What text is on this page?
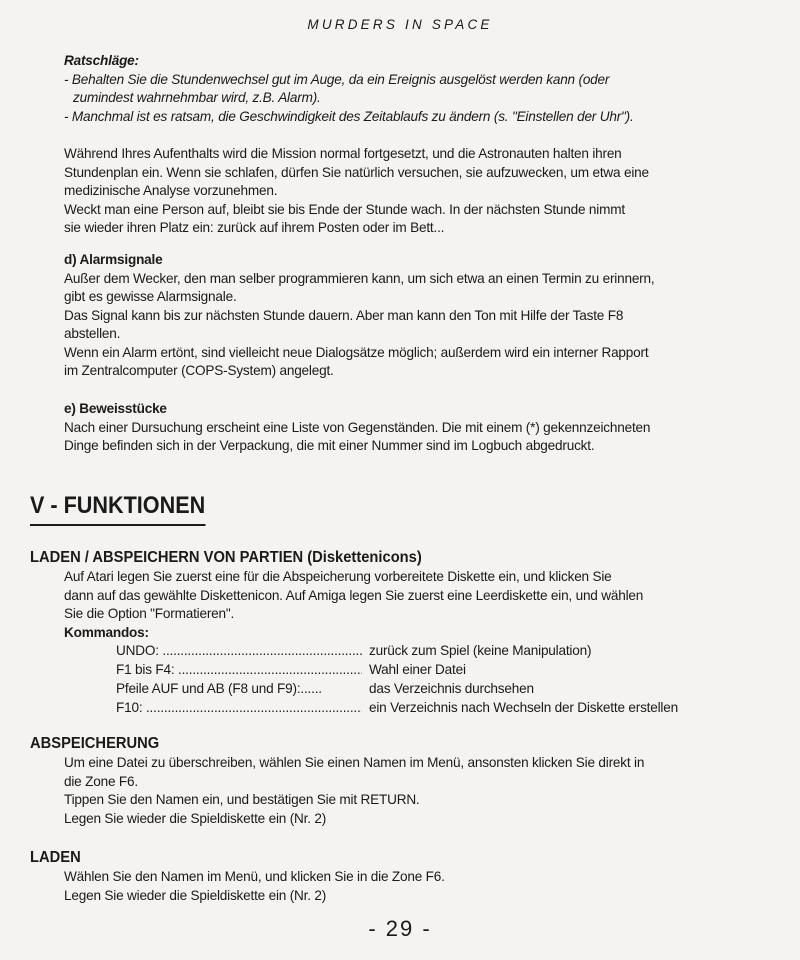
MURDERS IN SPACE

Ratschläge:

- Behalten Sie die Stundenwechsel gut im Auge, da ein Ereignis ausgelöst werden kann (oder

zumindest wahrnehmbar wird, z.B. Alarm).

- Manchmal ist es ratsam, die Geschwindigkeit des Zeitablaufs zu ändern (s. "Einstellen der Uhr").

Während Ihres Aufenthalts wird die Mission normal fortgesetzt, und die Astronauten halten ihren

Stundenplan ein. Wenn sie schlafen, dürfen Sie natürlich versuchen, sie aufzuwecken, um etwa eine

medizinische Analyse vorzunehmen.

Weckt man eine Person auf, bleibt sie bis Ende der Stunde wach. In der nächsten Stunde nimmt

sie wieder ihren Platz ein: zurück auf ihrem Posten oder im Bett...

d) Alarmsignale

Außer dem Wecker, den man selber programmieren kann, um sich etwa an einen Termin zu erinnern,

gibt es gewisse Alarmsignale.

Das Signal kann bis zur nächsten Stunde dauern. Aber man kann den Ton mit Hilfe der Taste F8

abstellen.

Wenn ein Alarm ertönt, sind vielleicht neue Dialogsätze möglich; außerdem wird ein interner Rapport

im Zentralcomputer (COPS-System) angelegt.

e) Beweisstücke

Nach einer Dursuchung erscheint eine Liste von Gegenständen. Die mit einem (*) gekennzeichneten

Dinge befinden sich in der Verpackung, die mit einer Nummer sind im Logbuch abgedruckt.

V - FUNKTIONEN
LADEN / ABSPEICHERN VON PARTIEN (Diskettenicons)

Auf Atari legen Sie zuerst eine für die Abspeicherung vorbereitete Diskette ein, und klicken Sie

dann auf das gewählte Diskettenicon. Auf Amiga legen Sie zuerst eine Leerdiskette ein, und wählen

Sie die Option "Formatieren".

Kommandos:

UNDO: .....	zurück zum Spiel (keine Manipulation)
F1 bis F4: .....	Wahl einer Datei
Pfeile AUF und AB (F8 und F9):......	das Verzeichnis durchsehen
F10: .....	ein Verzeichnis nach Wechseln der Diskette erstellen
ABSPEICHERUNG

Um eine Datei zu überschreiben, wählen Sie einen Namen im Menü, ansonsten klicken Sie direkt in

die Zone F6.

Tippen Sie den Namen ein, und bestätigen Sie mit RETURN.

Legen Sie wieder die Spieldiskette ein (Nr. 2)

LADEN

Wählen Sie den Namen im Menü, und klicken Sie in die Zone F6.

Legen Sie wieder die Spieldiskette ein (Nr. 2)

- 29 -
